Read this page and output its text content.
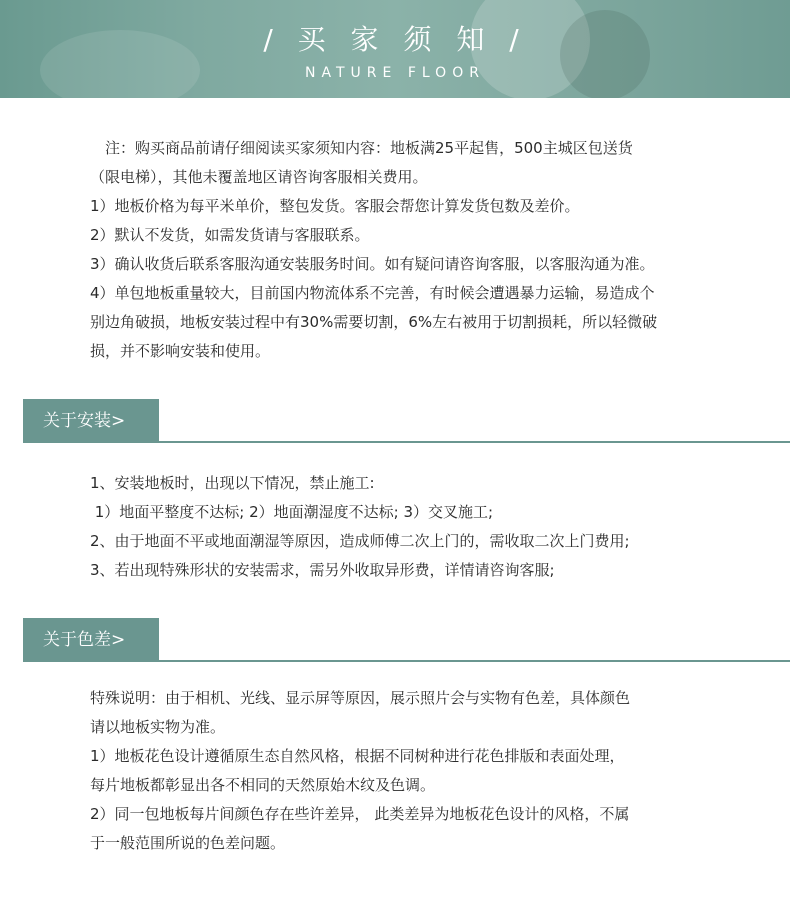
/ 买 家 须 知 /
NATURE FLOOR
　注：购买商品前请仔细阅读买家须知内容：地板满25平起售，500主城区包送货
（限电梯），其他未覆盖地区请咨询客服相关费用。
1）地板价格为每平米单价，整包发货。客服会帮您计算发货包数及差价。
2）默认不发货，如需发货请与客服联系。
3）确认收货后联系客服沟通安装服务时间。如有疑问请咨询客服，以客服沟通为准。
4）单包地板重量较大，目前国内物流体系不完善，有时候会遭遇暴力运输，易造成个
别边角破损，地板安装过程中有30%需要切割，6%左右被用于切割损耗，所以轻微破
损，并不影响安装和使用。
关于安装>
1、安装地板时，出现以下情况，禁止施工:
1）地面平整度不达标; 2）地面潮湿度不达标; 3）交叉施工;
2、由于地面不平或地面潮湿等原因，造成师傅二次上门的，需收取二次上门费用;
3、若出现特殊形状的安装需求，需另外收取异形费，详情请咨询客服;
关于色差>
特殊说明：由于相机、光线、显示屏等原因，展示照片会与实物有色差，具体颜色
请以地板实物为准。
1）地板花色设计遵循原生态自然风格，根据不同树种进行花色排版和表面处理，
每片地板都彰显出各不相同的天然原始木纹及色调。
2）同一包地板每片间颜色存在些许差异， 此类差异为地板花色设计的风格，不属
于一般范围所说的色差问题。
